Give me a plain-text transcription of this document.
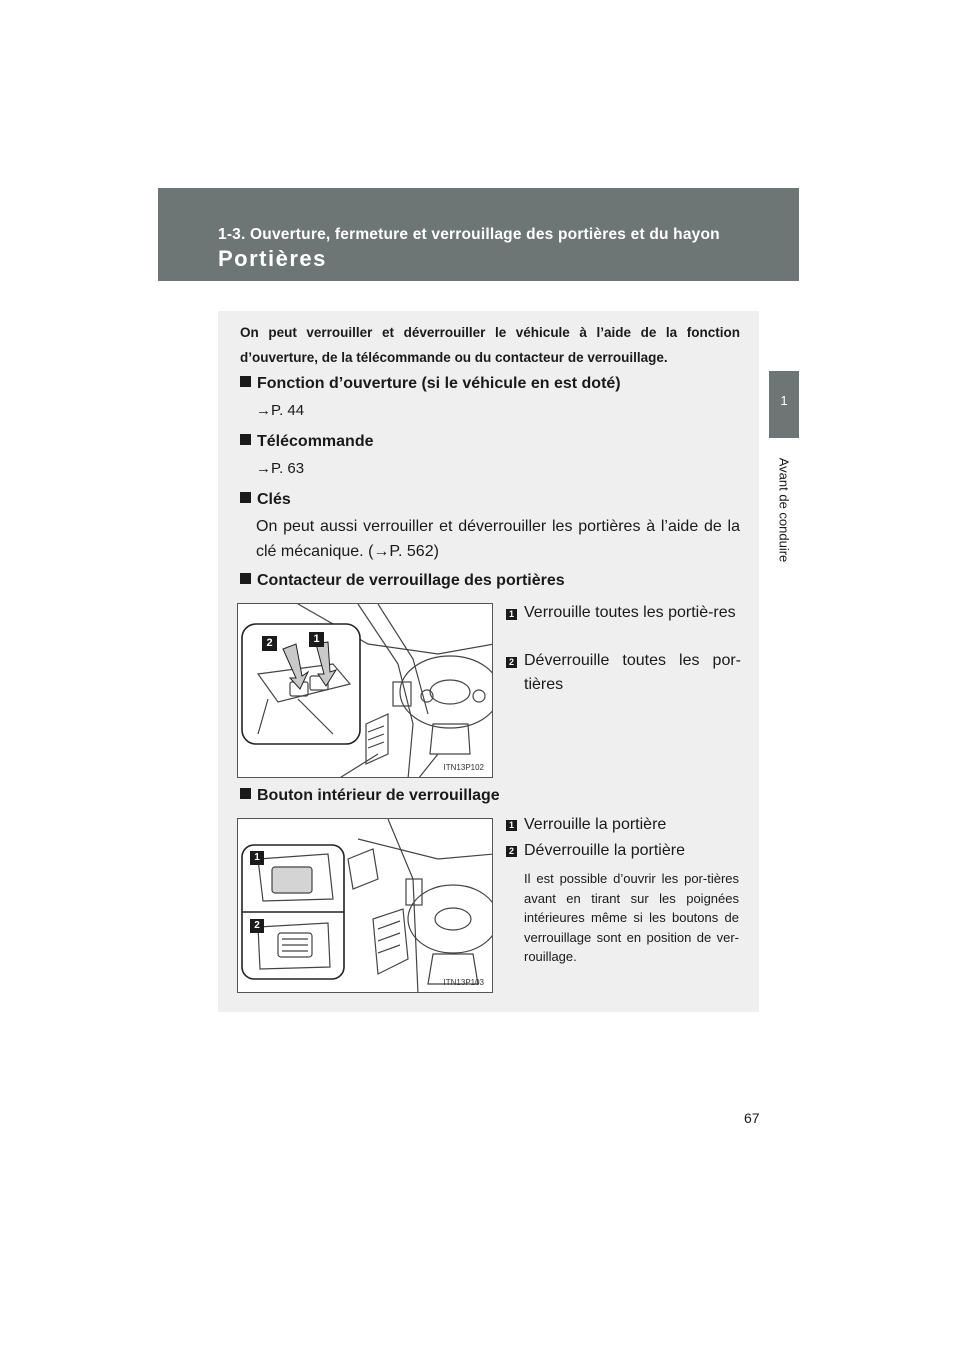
1-3. Ouverture, fermeture et verrouillage des portières et du hayon
Portières
1
Avant de conduire
On peut verrouiller et déverrouiller le véhicule à l’aide de la fonction d’ouverture, de la télécommande ou du contacteur de verrouillage.
Fonction d’ouverture (si le véhicule en est doté)
→P. 44
Télécommande
→P. 63
Clés
On peut aussi verrouiller et déverrouiller les portières à l’aide de la clé mécanique. (→P. 562)
Contacteur de verrouillage des portières
2	1
ITN13P102
1 Verrouille toutes les portiè-res
2 Déverrouille toutes les por-tières
Bouton intérieur de verrouillage
1
2
ITN13P103
1 Verrouille la portière
2 Déverrouille la portière
Il est possible d’ouvrir les por-tières avant en tirant sur les poignées intérieures même si les boutons de verrouillage sont en position de ver-rouillage.
67
